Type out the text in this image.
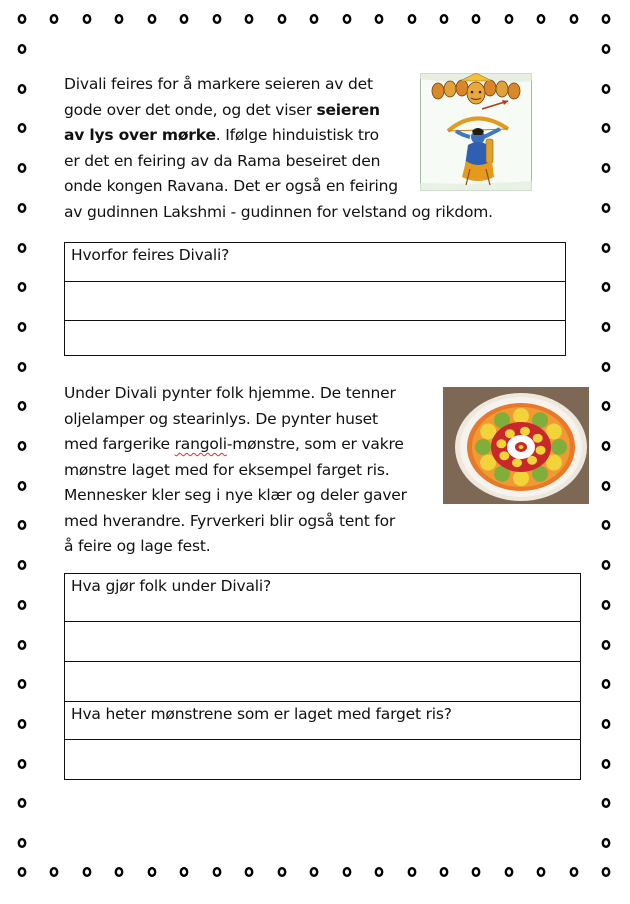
Divali feires for å markere seieren av det
gode over det onde, og det viser seieren
av lys over mørke. Ifølge hinduistisk tro
er det en feiring av da Rama beseiret den
onde kongen Ravana. Det er også en feiring
av gudinnen Lakshmi - gudinnen for velstand og rikdom.
Hvorfor feires Divali?

Under Divali pynter folk hjemme. De tenner
oljelamper og stearinlys. De pynter huset
med fargerike rangoli-mønstre, som er vakre
mønstre laget med for eksempel farget ris.
Mennesker kler seg i nye klær og deler gaver
med hverandre. Fyrverkeri blir også tent for
å feire og lage fest.
Hva gjør folk under Divali?

Hva heter mønstrene som er laget med farget ris?
